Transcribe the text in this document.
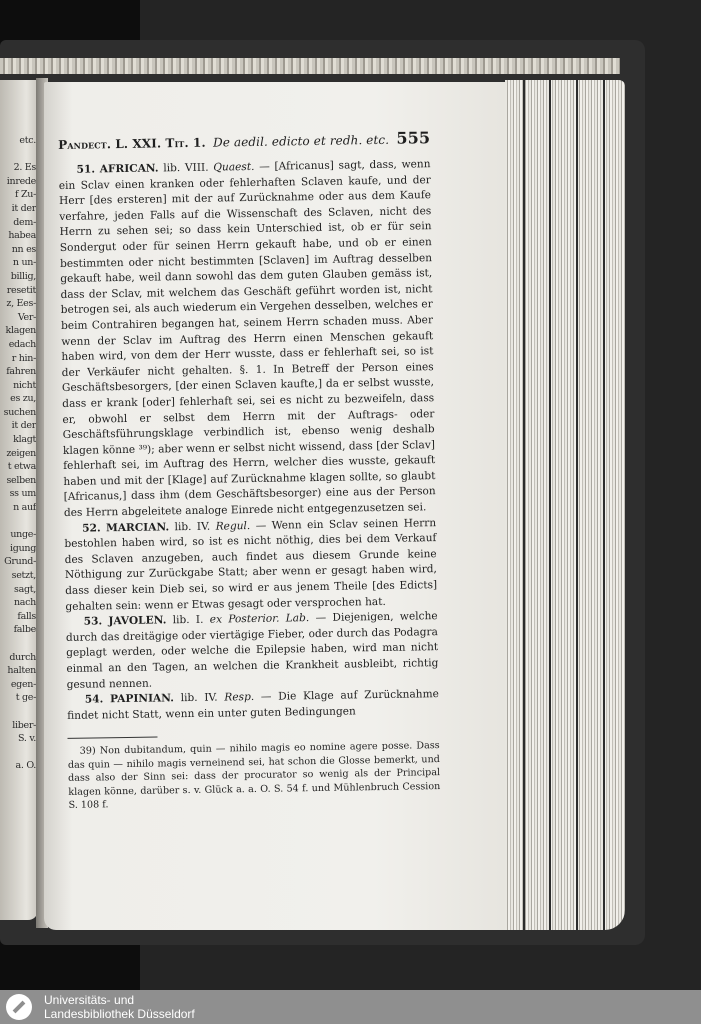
etc.

2. Es
inrede
f Zu-
it der
dem-
habea
nn es
n un-
billig,
resetit
z, Ees-
Ver-
klagen
edach
r hin-
fahren
nicht
es zu,
suchen
it der
klagt
zeigen
t etwa
selben
ss um
n auf

unge-
igung
Grund-
setzt,
sagt,
nach
falls
falbe

durch
halten
egen-
t ge-

liber-
S. v.

a. O.
Pandect. L. XXI. Tit. 1. De aedil. edicto et redh. etc. 555

51. AFRICAN. lib. VIII. Quaest. — [Africanus] sagt, dass, wenn ein Sclav einen kranken oder fehlerhaften Sclaven kaufe, und der Herr [des ersteren] mit der auf Zurücknahme oder aus dem Kaufe verfahre, jeden Falls auf die Wissenschaft des Sclaven, nicht des Herrn zu sehen sei; so dass kein Unterschied ist, ob er für sein Sondergut oder für seinen Herrn gekauft habe, und ob er einen bestimmten oder nicht bestimmten [Sclaven] im Auftrag desselben gekauft habe, weil dann sowohl das dem guten Glauben gemäss ist, dass der Sclav, mit welchem das Geschäft geführt worden ist, nicht betrogen sei, als auch wiederum ein Vergehen desselben, welches er beim Contrahiren begangen hat, seinem Herrn schaden muss. Aber wenn der Sclav im Auftrag des Herrn einen Menschen gekauft haben wird, von dem der Herr wusste, dass er fehlerhaft sei, so ist der Verkäufer nicht gehalten. §. 1. In Betreff der Person eines Geschäftsbesorgers, [der einen Sclaven kaufte,] da er selbst wusste, dass er krank [oder] fehlerhaft sei, sei es nicht zu bezweifeln, dass er, obwohl er selbst dem Herrn mit der Auftrags- oder Geschäftsführungsklage verbindlich ist, ebenso wenig deshalb klagen könne ³⁹); aber wenn er selbst nicht wissend, dass [der Sclav] fehlerhaft sei, im Auftrag des Herrn, welcher dies wusste, gekauft haben und mit der [Klage] auf Zurücknahme klagen sollte, so glaubt [Africanus,] dass ihm (dem Geschäftsbesorger) eine aus der Person des Herrn abgeleitete analoge Einrede nicht entgegenzusetzen sei.

52. MARCIAN. lib. IV. Regul. — Wenn ein Sclav seinen Herrn bestohlen haben wird, so ist es nicht nöthig, dies bei dem Verkauf des Sclaven anzugeben, auch findet aus diesem Grunde keine Nöthigung zur Zurückgabe Statt; aber wenn er gesagt haben wird, dass dieser kein Dieb sei, so wird er aus jenem Theile [des Edicts] gehalten sein: wenn er Etwas gesagt oder versprochen hat.

53. JAVOLEN. lib. I. ex Posterior. Lab. — Diejenigen, welche durch das dreitägige oder viertägige Fieber, oder durch das Podagra geplagt werden, oder welche die Epilepsie haben, wird man nicht einmal an den Tagen, an welchen die Krankheit ausbleibt, richtig gesund nennen.

54. PAPINIAN. lib. IV. Resp. — Die Klage auf Zurücknahme findet nicht Statt, wenn ein unter guten Bedingungen

39) Non dubitandum, quin — nihilo magis eo nomine agere posse. Dass das quin — nihilo magis verneinend sei, hat schon die Glosse bemerkt, und dass also der Sinn sei: dass der procurator so wenig als der Principal klagen könne, darüber s. v. Glück a. a. O. S. 54 f. und Mühlenbruch Cession S. 108 f.

Universitäts- und
Landesbibliothek Düsseldorf
